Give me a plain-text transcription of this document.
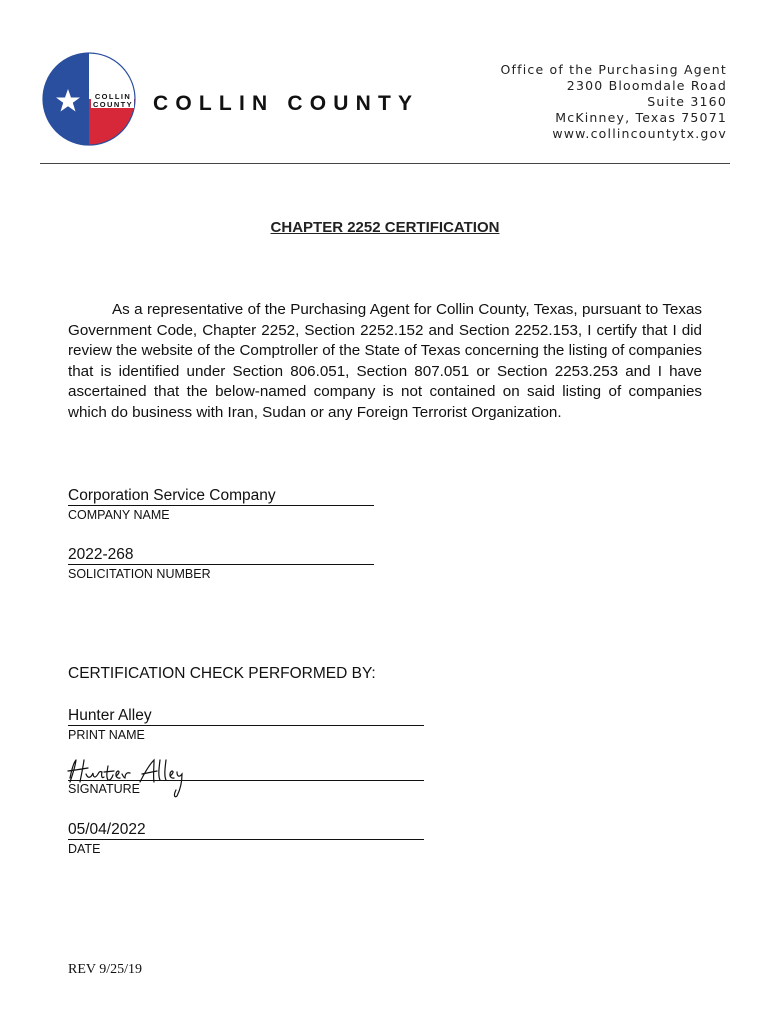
COLLIN
COUNTY COLLIN COUNTY
Office of the Purchasing Agent
2300 Bloomdale Road
Suite 3160
McKinney, Texas 75071
www.collincountytx.gov
CHAPTER 2252 CERTIFICATION
As a representative of the Purchasing Agent for Collin County, Texas, pursuant to Texas Government Code, Chapter 2252, Section 2252.152 and Section 2252.153, I certify that I did review the website of the Comptroller of the State of Texas concerning the listing of companies that is identified under Section 806.051, Section 807.051 or Section 2253.253 and I have ascertained that the below-named company is not contained on said listing of companies which do business with Iran, Sudan or any Foreign Terrorist Organization.
Corporation Service Company
COMPANY NAME
2022-268
SOLICITATION NUMBER
CERTIFICATION CHECK PERFORMED BY:
Hunter Alley
PRINT NAME
SIGNATURE
05/04/2022
DATE
REV 9/25/19
